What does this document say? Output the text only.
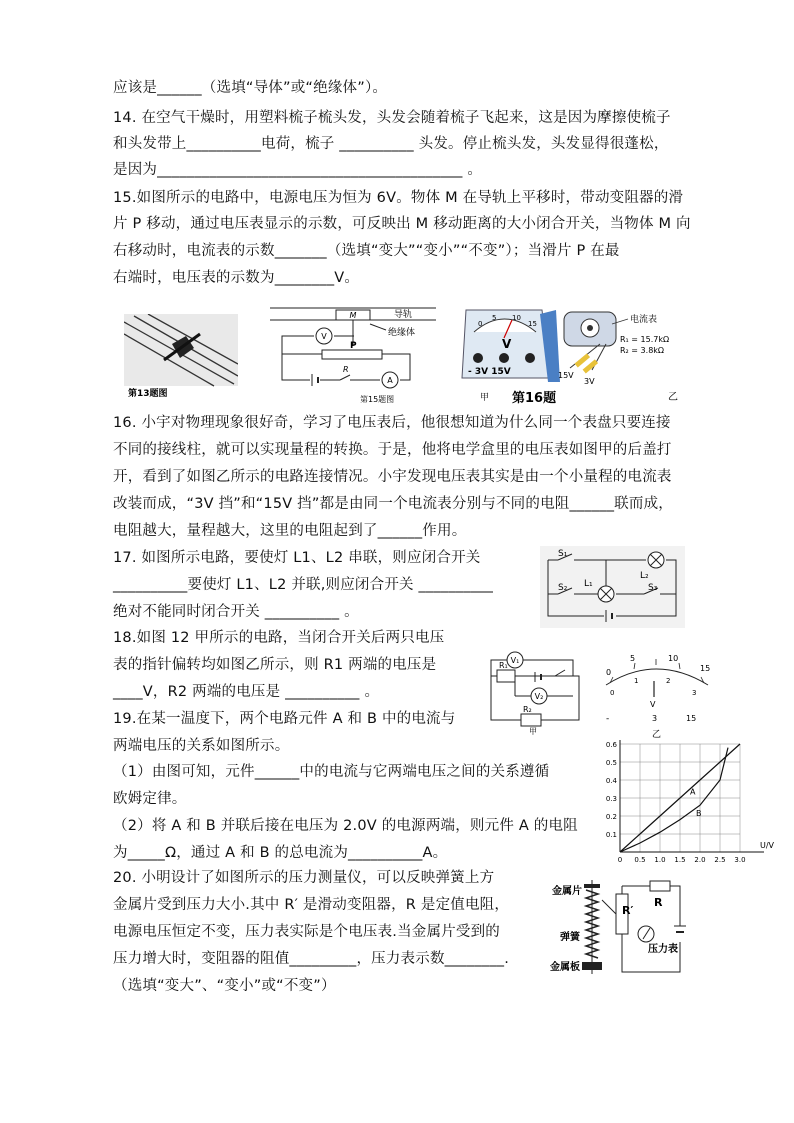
应该是______（选填“导体”或“绝缘体”）。
14. 在空气干燥时，用塑料梳子梳头发，头发会随着梳子飞起来，这是因为摩擦使梳子
和头发带上__________电荷，梳子 __________ 头发。停止梳头发，头发显得很蓬松，
是因为_________________________________________ 。
15.如图所示的电路中，电源电压为恒为 6V。物体 M 在导轨上平移时，带动变阻器的滑
片 P 移动，通过电压表显示的示数，可反映出 M 移动距离的大小闭合开关，当物体 M 向
右移动时，电流表的示数_______（选填“变大”“变小”“不变”）；当滑片 P 在最
右端时，电压表的示数为________V。
16. 小宇对物理现象很好奇，学习了电压表后，他很想知道为什么同一个表盘只要连接
不同的接线柱，就可以实现量程的转换。于是，他将电学盒里的电压表如图甲的后盖打
开，看到了如图乙所示的电路连接情况。小宇发现电压表其实是由一个小量程的电流表
改装而成，“3V 挡”和“15V 挡”都是由同一个电流表分别与不同的电阻______联而成，
电阻越大，量程越大，这里的电阻起到了______作用。
17. 如图所示电路，要使灯 L1、L2 串联，则应闭合开关
__________要使灯 L1、L2 并联,则应闭合开关 __________
绝对不能同时闭合开关 __________ 。
18.如图 12 甲所示的电路，当闭合开关后两只电压
表的指针偏转均如图乙所示，则 R1 两端的电压是
____V，R2 两端的电压是 __________ 。
19.在某一温度下，两个电路元件 A 和 B 中的电流与
两端电压的关系如图所示。
（1）由图可知，元件______中的电流与它两端电压之间的关系遵循
欧姆定律。
（2）将 A 和 B 并联后接在电压为 2.0V 的电源两端，则元件 A 的电阻
为_____Ω，通过 A 和 B 的总电流为__________A。
20. 小明设计了如图所示的压力测量仪，可以反映弹簧上方
金属片受到压力大小.其中 R′ 是滑动变阻器，R 是定值电阻，
电源电压恒定不变，压力表实际是个电压表.当金属片受到的
压力增大时，变阻器的阻值_________，压力表示数________.
（选填“变大”、“变小”或“不变”）
第13题图
M	导轨
绝缘体
P
R
V
A
第15题图
0
5 10
15
V
- 3V 15V
电流表
R₁ = 15.7kΩ
R₂ = 3.8kΩ
15V
3V
甲 第16题	乙
S₁
S₂	S₃
L₁
L₂
V₁
V₂
R₁
R₂
甲
0
5	10
15
0
1	2
3
V
-	3	15
乙
0.6
0.5
0.4
0.3
0.2
0.1
0 0.5 1.0 1.5 2.0 2.5 3.0
U/V
A
B
金属片
弹簧
金属板
R′
R
压力表
